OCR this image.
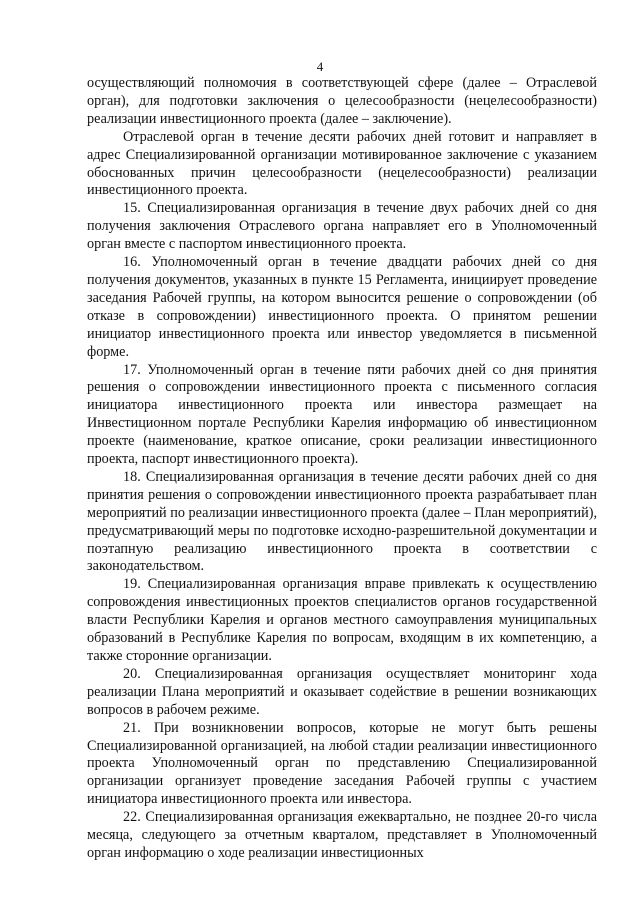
4

осуществляющий полномочия в соответствующей сфере (далее – Отраслевой орган), для подготовки заключения о целесообразности (нецелесообразности) реализации инвестиционного проекта (далее – заключение).

Отраслевой орган в течение десяти рабочих дней готовит и направляет в адрес Специализированной организации мотивированное заключение с указанием обоснованных причин целесообразности (нецелесообразности) реализации инвестиционного проекта.

15. Специализированная организация в течение двух рабочих дней со дня получения заключения Отраслевого органа направляет его в Уполномоченный орган вместе с паспортом инвестиционного проекта.

16. Уполномоченный орган в течение двадцати рабочих дней со дня получения документов, указанных в пункте 15 Регламента, инициирует проведение заседания Рабочей группы, на котором выносится решение о сопровождении (об отказе в сопровождении) инвестиционного проекта. О принятом решении инициатор инвестиционного проекта или инвестор уведомляется в письменной форме.

17. Уполномоченный орган в течение пяти рабочих дней со дня принятия решения о сопровождении инвестиционного проекта с письменного согласия инициатора инвестиционного проекта или инвестора размещает на Инвестиционном портале Республики Карелия информацию об инвестиционном проекте (наименование, краткое описание, сроки реализации инвестиционного проекта, паспорт инвестиционного проекта).

18. Специализированная организация в течение десяти рабочих дней со дня принятия решения о сопровождении инвестиционного проекта разрабатывает план мероприятий по реализации инвестиционного проекта (далее – План мероприятий), предусматривающий меры по подготовке исходно-разрешительной документации и поэтапную реализацию инвестиционного проекта в соответствии с законодательством.

19. Специализированная организация вправе привлекать к осуществлению сопровождения инвестиционных проектов специалистов органов государственной власти Республики Карелия и органов местного самоуправления муниципальных образований в Республике Карелия по вопросам, входящим в их компетенцию, а также сторонние организации.

20. Специализированная организация осуществляет мониторинг хода реализации Плана мероприятий и оказывает содействие в решении возникающих вопросов в рабочем режиме.

21. При возникновении вопросов, которые не могут быть решены Специализированной организацией, на любой стадии реализации инвестиционного проекта Уполномоченный орган по представлению Специализированной организации организует проведение заседания Рабочей группы с участием инициатора инвестиционного проекта или инвестора.

22. Специализированная организация ежеквартально, не позднее 20-го числа месяца, следующего за отчетным кварталом, представляет в Уполномоченный орган информацию о ходе реализации инвестиционных
